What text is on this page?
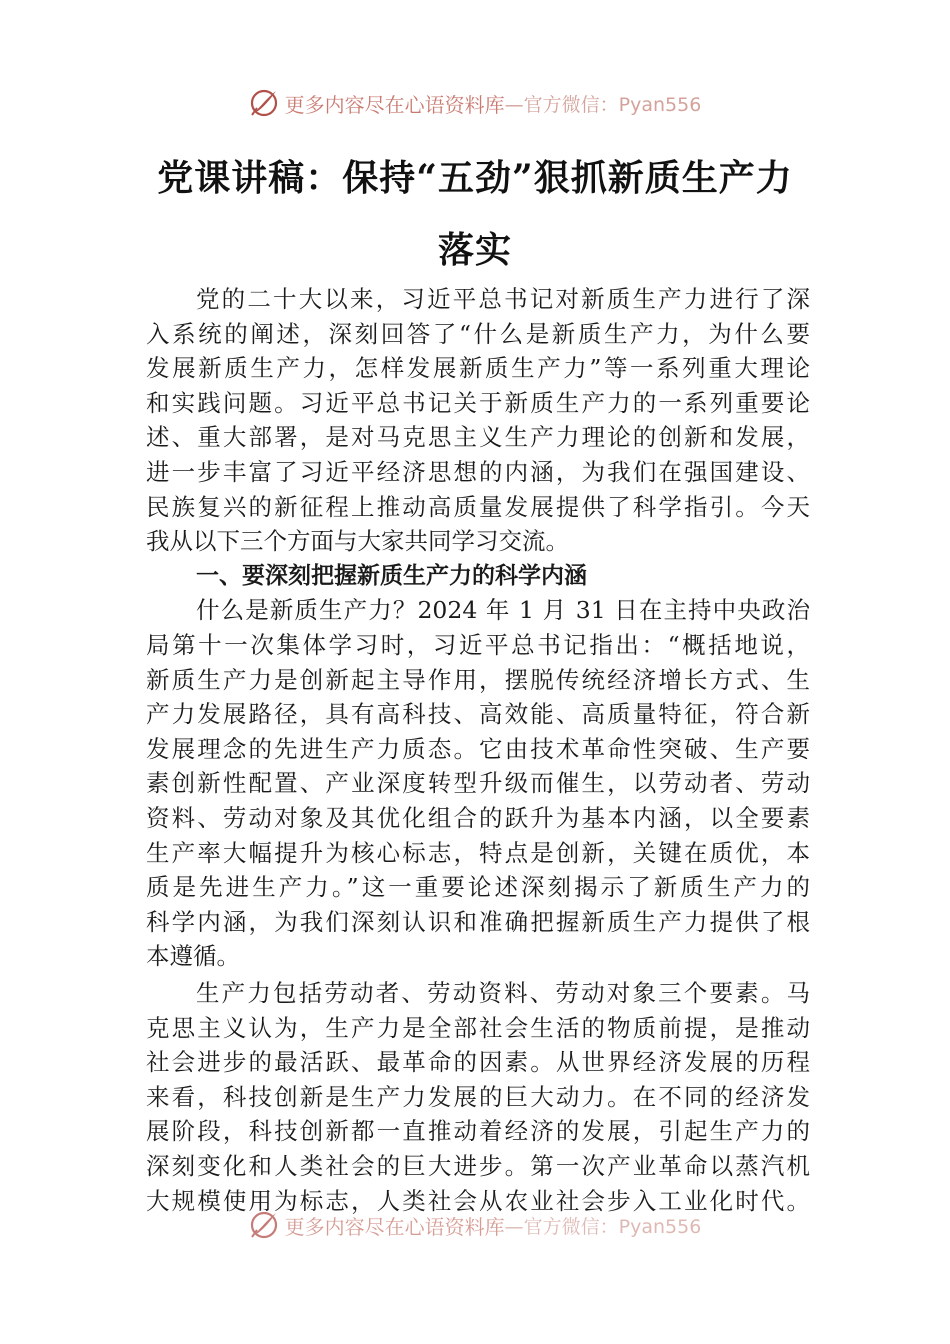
更多内容尽在心语资料库 —官方微信：Pyan556
党课讲稿：保持“五劲”狠抓新质生产力
落实
党的二十大以来，习近平总书记对新质生产力进行了深
入系统的阐述，深刻回答了“什么是新质生产力，为什么要
发展新质生产力，怎样发展新质生产力”等一系列重大理论
和实践问题。习近平总书记关于新质生产力的一系列重要论
述、重大部署，是对马克思主义生产力理论的创新和发展，
进一步丰富了习近平经济思想的内涵，为我们在强国建设、
民族复兴的新征程上推动高质量发展提供了科学指引。今天
我从以下三个方面与大家共同学习交流。
一、要深刻把握新质生产力的科学内涵
什么是新质生产力？2024 年 1 月 31 日在主持中央政治
局第十一次集体学习时，习近平总书记指出：“概括地说，
新质生产力是创新起主导作用，摆脱传统经济增长方式、生
产力发展路径，具有高科技、高效能、高质量特征，符合新
发展理念的先进生产力质态。它由技术革命性突破、生产要
素创新性配置、产业深度转型升级而催生，以劳动者、劳动
资料、劳动对象及其优化组合的跃升为基本内涵，以全要素
生产率大幅提升为核心标志，特点是创新，关键在质优，本
质是先进生产力。”这一重要论述深刻揭示了新质生产力的
科学内涵，为我们深刻认识和准确把握新质生产力提供了根
本遵循。
生产力包括劳动者、劳动资料、劳动对象三个要素。马
克思主义认为，生产力是全部社会生活的物质前提，是推动
社会进步的最活跃、最革命的因素。从世界经济发展的历程
来看，科技创新是生产力发展的巨大动力。在不同的经济发
展阶段，科技创新都一直推动着经济的发展，引起生产力的
深刻变化和人类社会的巨大进步。第一次产业革命以蒸汽机
大规模使用为标志，人类社会从农业社会步入工业化时代。
更多内容尽在心语资料库 —官方微信：Pyan556
